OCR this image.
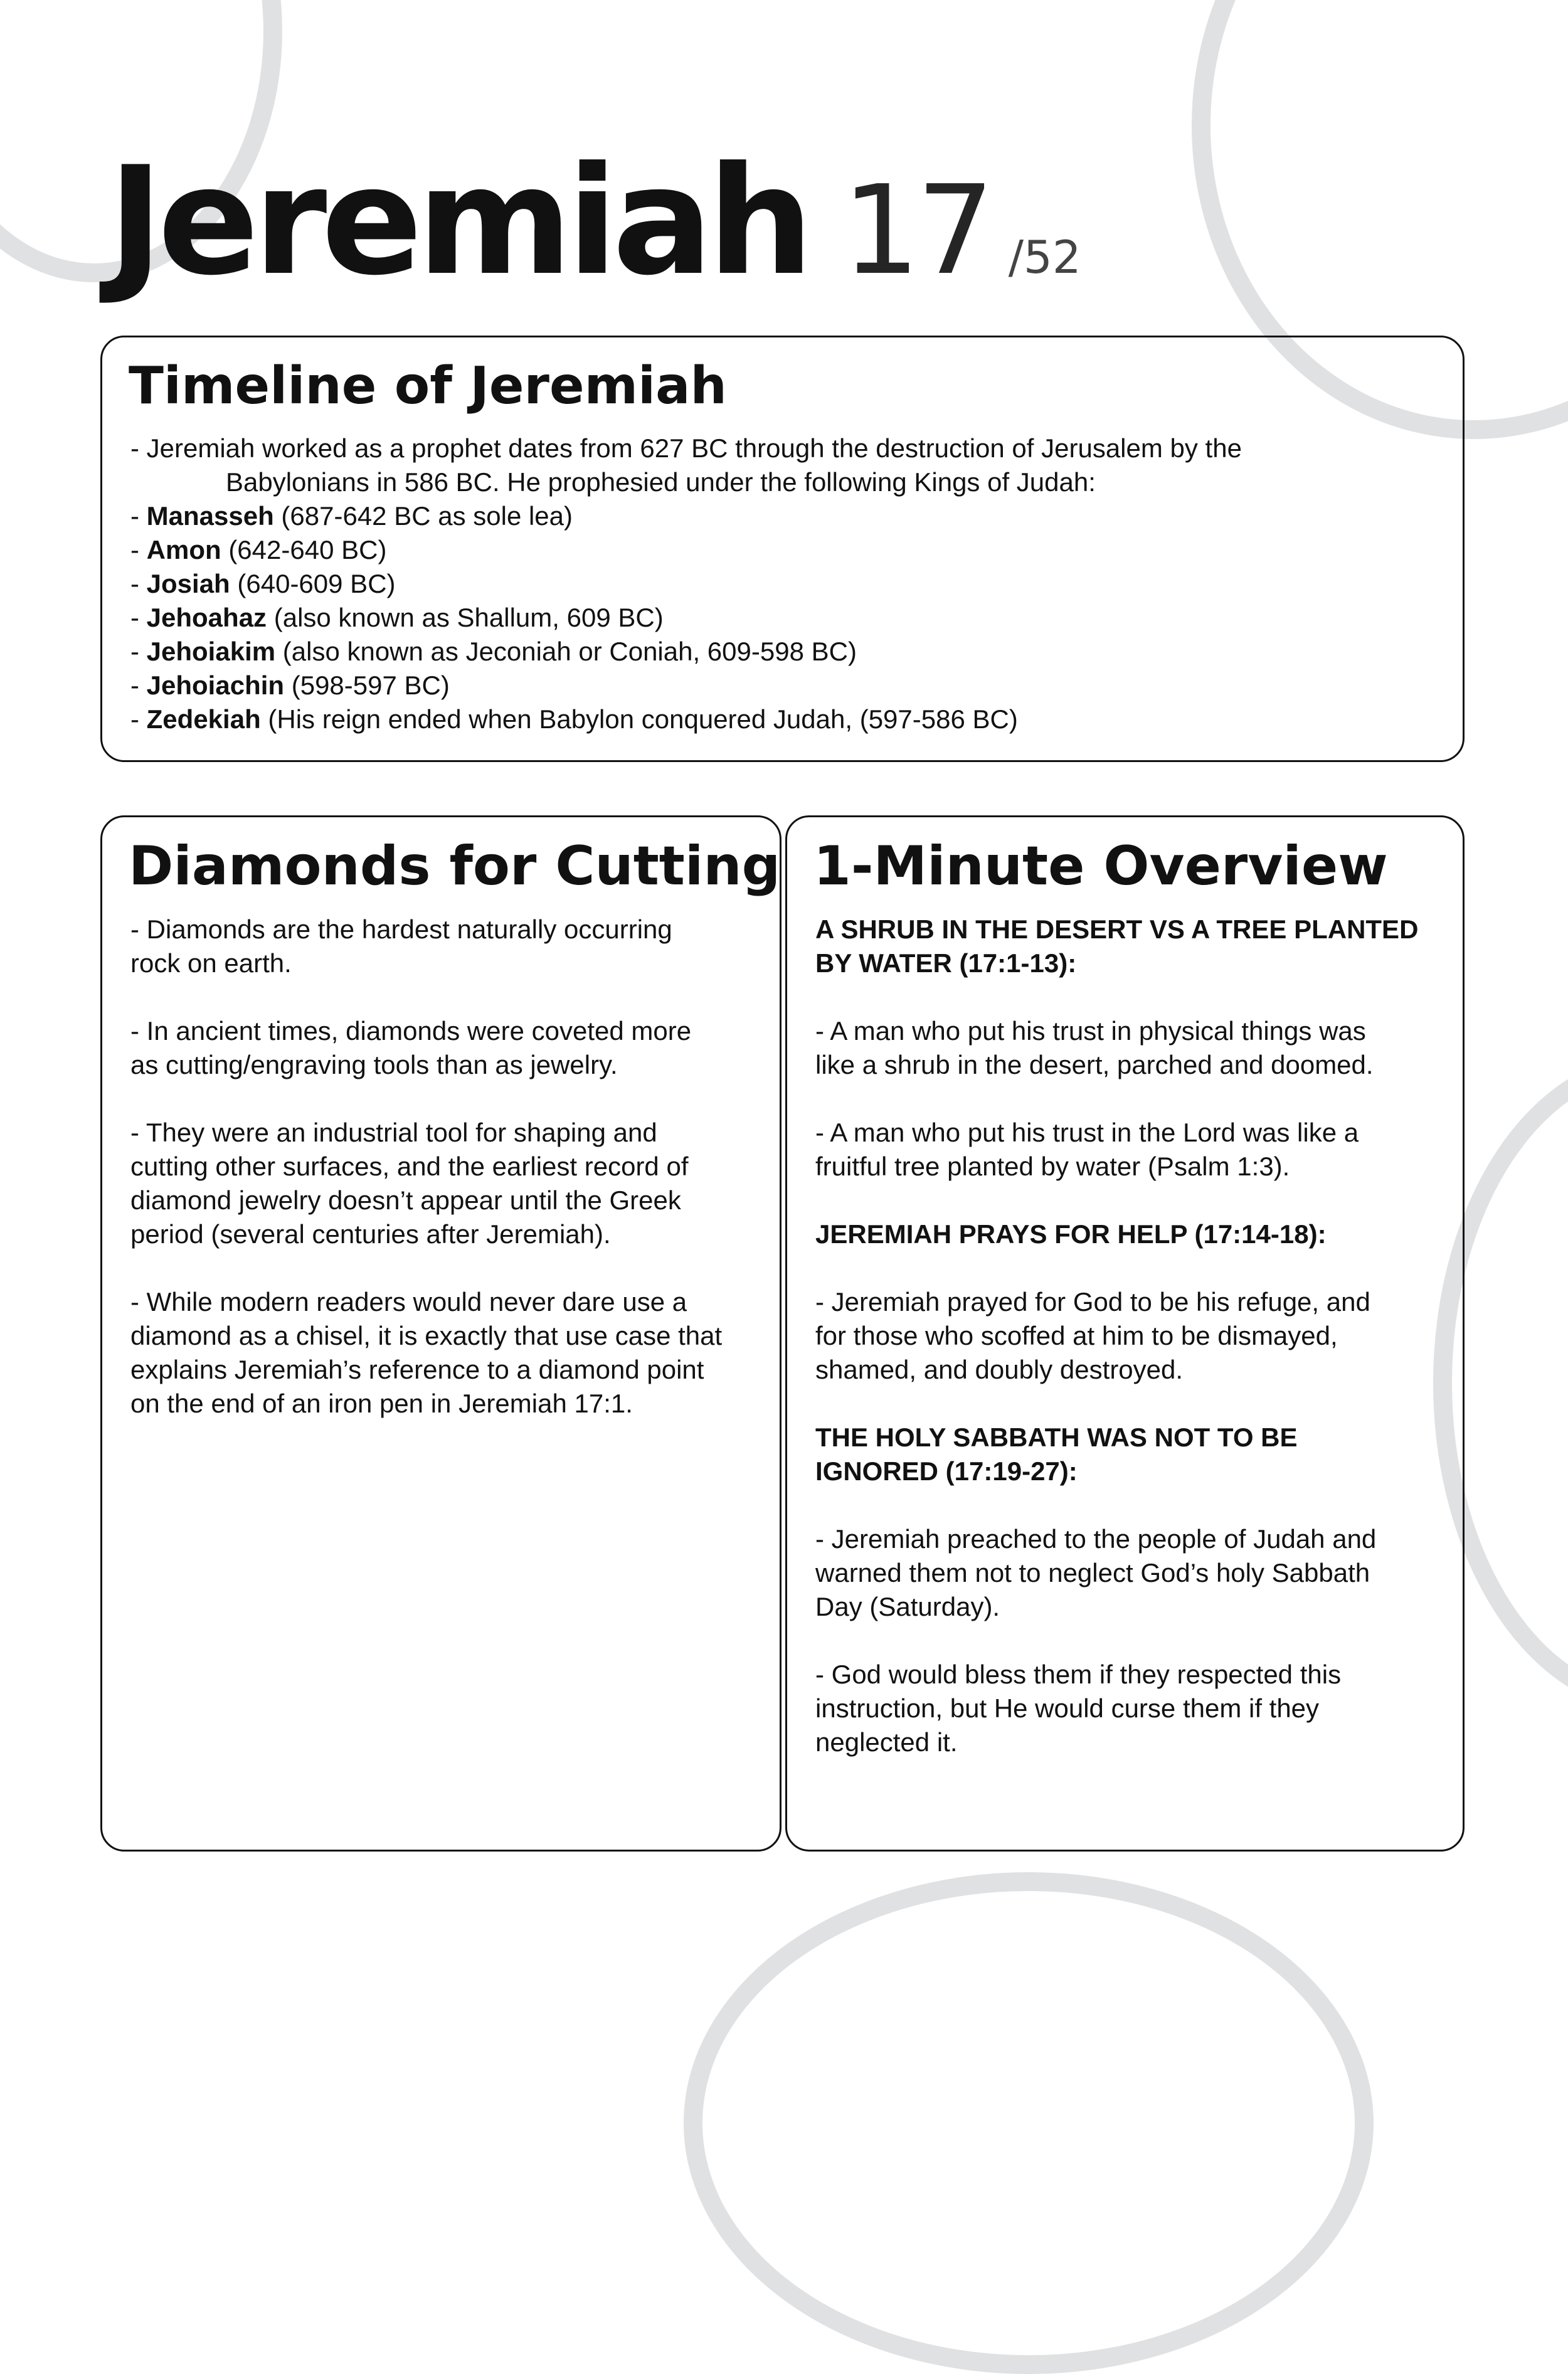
Jeremiah 17 /52
Timeline of Jeremiah
- Jeremiah worked as a prophet dates from 627 BC through the destruction of Jerusalem by the
Babylonians in 586 BC. He prophesied under the following Kings of Judah:
- Manasseh (687-642 BC as sole lea)
- Amon (642-640 BC)
- Josiah (640-609 BC)
- Jehoahaz (also known as Shallum, 609 BC)
- Jehoiakim (also known as Jeconiah or Coniah, 609-598 BC)
- Jehoiachin (598-597 BC)
- Zedekiah (His reign ended when Babylon conquered Judah, (597-586 BC)
Diamonds for Cutting
- Diamonds are the hardest naturally occurring
rock on earth.
- In ancient times, diamonds were coveted more
as cutting/engraving tools than as jewelry.
- They were an industrial tool for shaping and
cutting other surfaces, and the earliest record of
diamond jewelry doesn’t appear until the Greek
period (several centuries after Jeremiah).
- While modern readers would never dare use a
diamond as a chisel, it is exactly that use case that
explains Jeremiah’s reference to a diamond point
on the end of an iron pen in Jeremiah 17:1.
1-Minute Overview
A SHRUB IN THE DESERT VS A TREE PLANTED
BY WATER (17:1-13):
- A man who put his trust in physical things was
like a shrub in the desert, parched and doomed.
- A man who put his trust in the Lord was like a
fruitful tree planted by water (Psalm 1:3).
JEREMIAH PRAYS FOR HELP (17:14-18):
- Jeremiah prayed for God to be his refuge, and
for those who scoffed at him to be dismayed,
shamed, and doubly destroyed.
THE HOLY SABBATH WAS NOT TO BE
IGNORED (17:19-27):
- Jeremiah preached to the people of Judah and
warned them not to neglect God’s holy Sabbath
Day (Saturday).
- God would bless them if they respected this
instruction, but He would curse them if they
neglected it.
